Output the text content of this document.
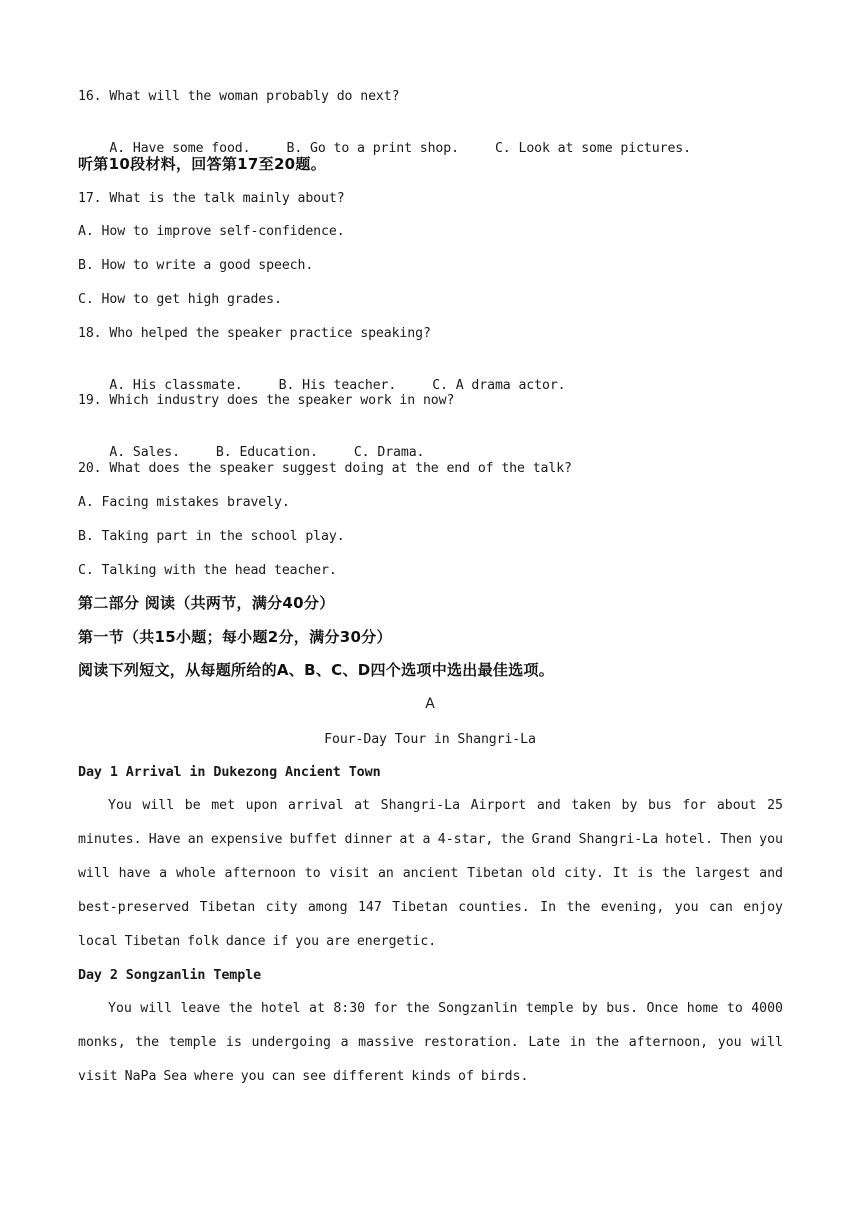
16. What will the woman probably do next?

A. Have some food.	B. Go to a print shop.	C. Look at some pictures.

听第10段材料，回答第17至20题。
17. What is the talk mainly about?
A. How to improve self-confidence.
B. How to write a good speech.
C. How to get high grades.
18. Who helped the speaker practice speaking?

A. His classmate.	B. His teacher.	C. A drama actor.

19. Which industry does the speaker work in now?

A. Sales.	B. Education.	C. Drama.

20. What does the speaker suggest doing at the end of the talk?
A. Facing mistakes bravely.
B. Taking part in the school play.
C. Talking with the head teacher.
第二部分 阅读（共两节，满分40分）
第一节（共15小题；每小题2分，满分30分）
阅读下列短文，从每题所给的A、B、C、D四个选项中选出最佳选项。
A
Four-Day Tour in Shangri-La
Day 1 Arrival in Dukezong Ancient Town
You will be met upon arrival at Shangri-La Airport and taken by bus for about 25 minutes. Have an expensive buffet dinner at a 4-star, the Grand Shangri-La hotel. Then you will have a whole afternoon to visit an ancient Tibetan old city. It is the largest and best-preserved Tibetan city among 147 Tibetan counties. In the evening, you can enjoy local Tibetan folk dance if you are energetic.
Day 2 Songzanlin Temple
You will leave the hotel at 8:30 for the Songzanlin temple by bus. Once home to 4000 monks, the temple is undergoing a massive restoration. Late in the afternoon, you will visit NaPa Sea where you can see different kinds of birds.
